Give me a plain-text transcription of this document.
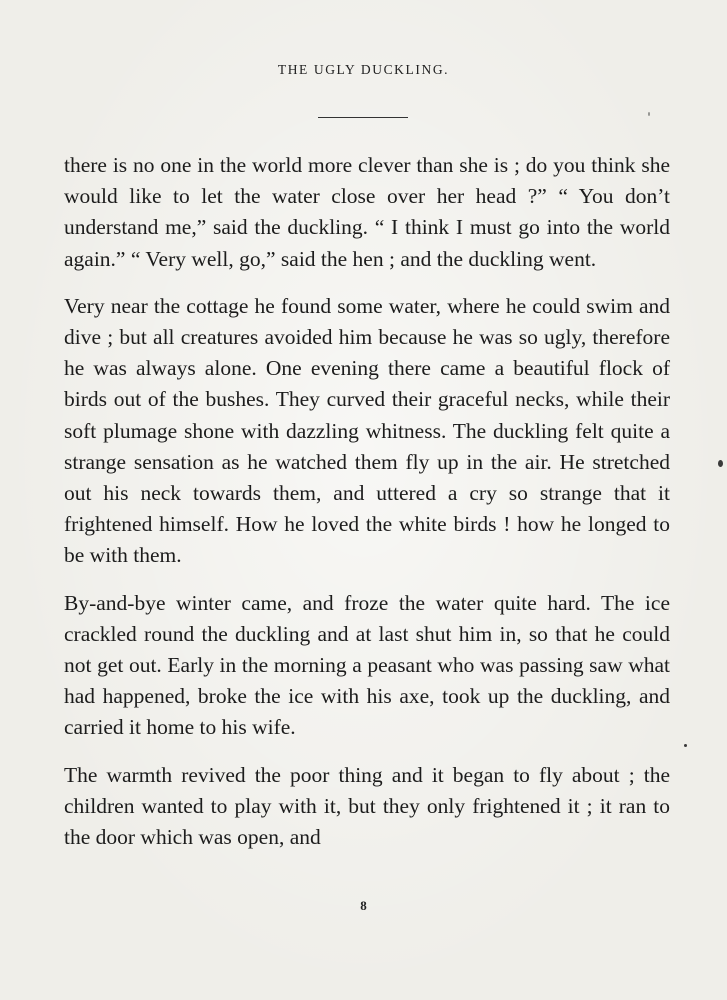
THE UGLY DUCKLING.

there is no one in the world more clever than she is ; do you think she would like to let the water close over her head ?” “ You don’t understand me,” said the duckling. “ I think I must go into the world again.” “ Very well, go,” said the hen ; and the duckling went.

Very near the cottage he found some water, where he could swim and dive ; but all creatures avoided him because he was so ugly, therefore he was always alone. One evening there came a beautiful flock of birds out of the bushes. They curved their graceful necks, while their soft plumage shone with dazzling whitness. The duckling felt quite a strange sensation as he watched them fly up in the air. He stretched out his neck towards them, and uttered a cry so strange that it frightened himself. How he loved the white birds ! how he longed to be with them.

By-and-bye winter came, and froze the water quite hard. The ice crackled round the duckling and at last shut him in, so that he could not get out. Early in the morning a peasant who was passing saw what had happened, broke the ice with his axe, took up the duckling, and carried it home to his wife.

The warmth revived the poor thing and it began to fly about ; the children wanted to play with it, but they only frightened it ; it ran to the door which was open, and

8
